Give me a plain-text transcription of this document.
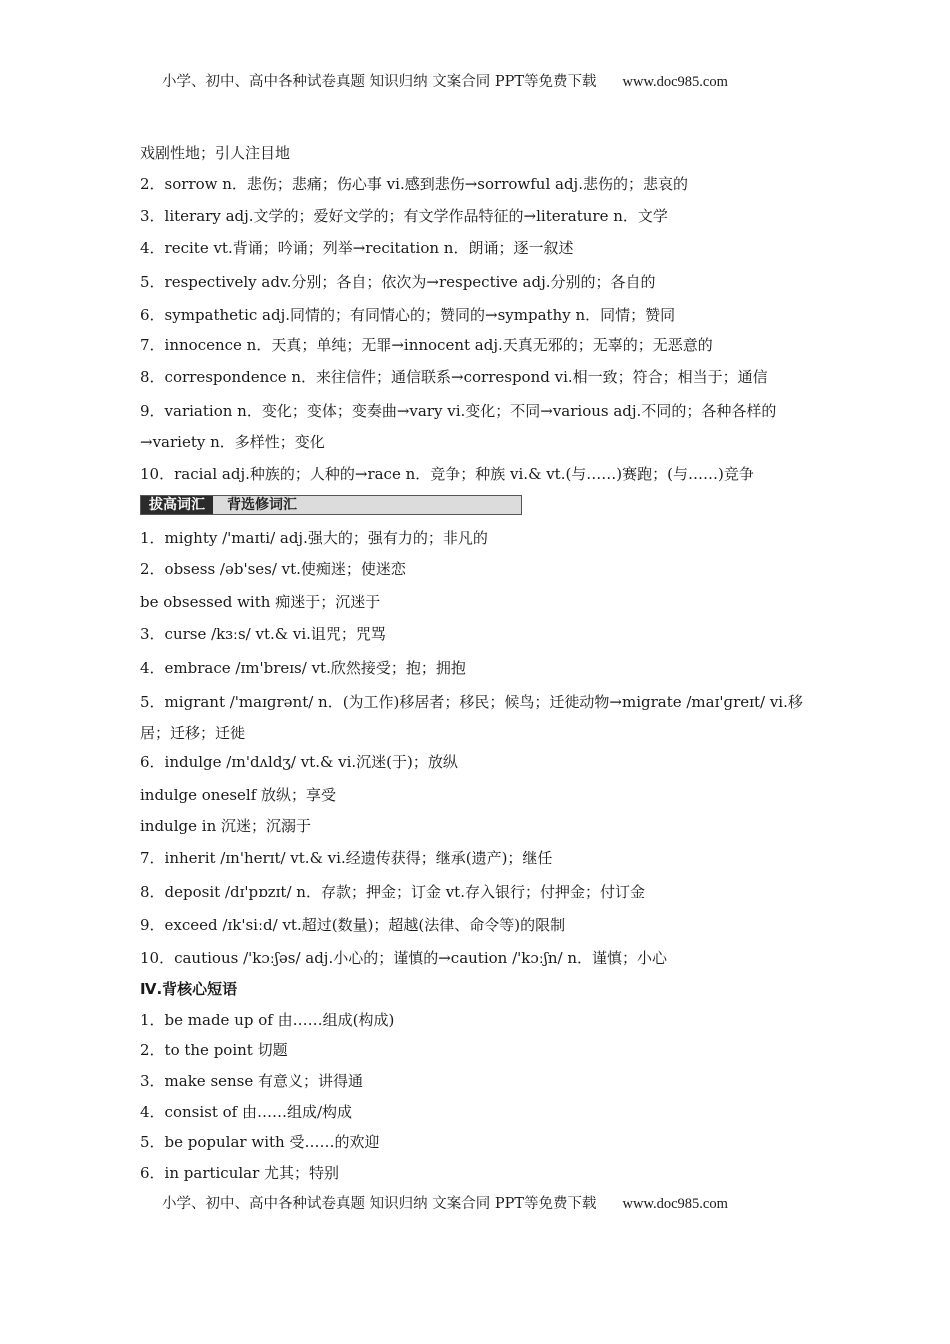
小学、初中、高中各种试卷真题 知识归纳 文案合同 PPT等免费下载 www.doc985.com
戏剧性地；引人注目地
2．sorrow n．悲伤；悲痛；伤心事 vi.感到悲伤→sorrowful adj.悲伤的；悲哀的
3．literary adj.文学的；爱好文学的；有文学作品特征的→literature n．文学
4．recite vt.背诵；吟诵；列举→recitation n．朗诵；逐一叙述
5．respectively adv.分别；各自；依次为→respective adj.分别的；各自的
6．sympathetic adj.同情的；有同情心的；赞同的→sympathy n．同情；赞同
7．innocence n．天真；单纯；无罪→innocent adj.天真无邪的；无辜的；无恶意的
8．correspondence n．来往信件；通信联系→correspond vi.相一致；符合；相当于；通信
9．variation n．变化；变体；变奏曲→vary vi.变化；不同→various adj.不同的；各种各样的
→variety n．多样性；变化
10．racial adj.种族的；人种的→race n．竞争；种族 vi.& vt.(与……)赛跑；(与……)竞争
拔高词汇	背选修词汇
1．mighty /'maɪti/ adj.强大的；强有力的；非凡的
2．obsess /əb'ses/ vt.使痴迷；使迷恋
be obsessed with 痴迷于；沉迷于
3．curse /kɜːs/ vt.& vi.诅咒；咒骂
4．embrace /ɪm'breɪs/ vt.欣然接受；抱；拥抱
5．migrant /'maɪɡrənt/ n．(为工作)移居者；移民；候鸟；迁徙动物→migrate /maɪ'ɡreɪt/ vi.移
居；迁移；迁徙
6．indulge /ɪn'dʌldʒ/ vt.& vi.沉迷(于)；放纵
indulge oneself 放纵；享受
indulge in 沉迷；沉溺于
7．inherit /ɪn'herɪt/ vt.& vi.经遗传获得；继承(遗产)；继任
8．deposit /dɪ'pɒzɪt/ n．存款；押金；订金 vt.存入银行；付押金；付订金
9．exceed /ɪk'siːd/ vt.超过(数量)；超越(法律、命令等)的限制
10．cautious /'kɔːʃəs/ adj.小心的；谨慎的→caution /'kɔːʃn/ n．谨慎；小心
Ⅳ.背核心短语
1．be made up of 由……组成(构成)
2．to the point 切题
3．make sense 有意义；讲得通
4．consist of 由……组成/构成
5．be popular with 受……的欢迎
6．in particular 尤其；特别
小学、初中、高中各种试卷真题 知识归纳 文案合同 PPT等免费下载 www.doc985.com
